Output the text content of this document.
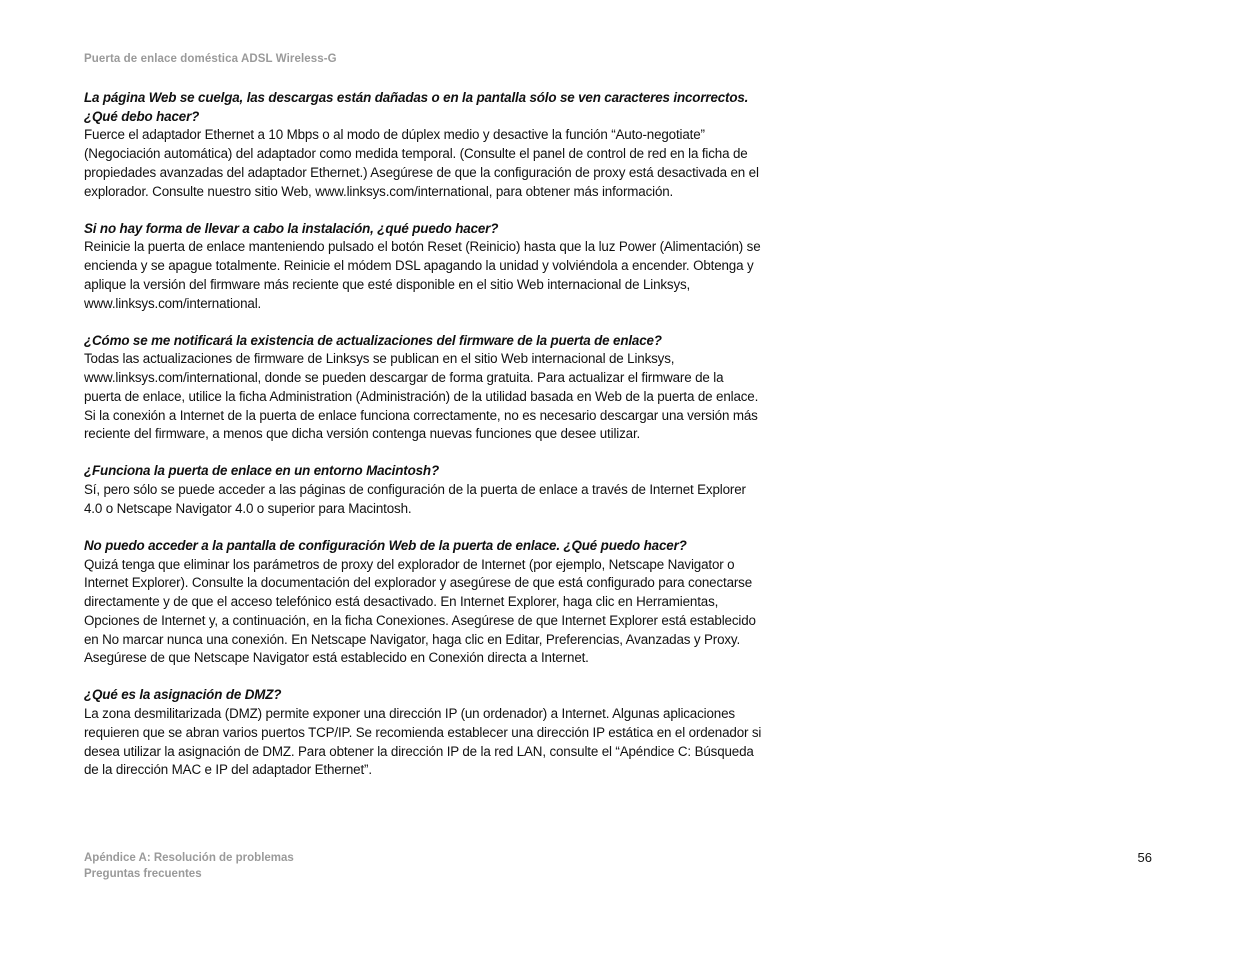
Puerta de enlace doméstica ADSL Wireless-G

La página Web se cuelga, las descargas están dañadas o en la pantalla sólo se ven caracteres incorrectos. ¿Qué debo hacer?

Fuerce el adaptador Ethernet a 10 Mbps o al modo de dúplex medio y desactive la función “Auto-negotiate” (Negociación automática) del adaptador como medida temporal. (Consulte el panel de control de red en la ficha de propiedades avanzadas del adaptador Ethernet.) Asegúrese de que la configuración de proxy está desactivada en el explorador. Consulte nuestro sitio Web, www.linksys.com/international, para obtener más información.

Si no hay forma de llevar a cabo la instalación, ¿qué puedo hacer?

Reinicie la puerta de enlace manteniendo pulsado el botón Reset (Reinicio) hasta que la luz Power (Alimentación) se encienda y se apague totalmente. Reinicie el módem DSL apagando la unidad y volviéndola a encender. Obtenga y aplique la versión del firmware más reciente que esté disponible en el sitio Web internacional de Linksys, www.linksys.com/international.

¿Cómo se me notificará la existencia de actualizaciones del firmware de la puerta de enlace?

Todas las actualizaciones de firmware de Linksys se publican en el sitio Web internacional de Linksys, www.linksys.com/international, donde se pueden descargar de forma gratuita. Para actualizar el firmware de la puerta de enlace, utilice la ficha Administration (Administración) de la utilidad basada en Web de la puerta de enlace. Si la conexión a Internet de la puerta de enlace funciona correctamente, no es necesario descargar una versión más reciente del firmware, a menos que dicha versión contenga nuevas funciones que desee utilizar.

¿Funciona la puerta de enlace en un entorno Macintosh?

Sí, pero sólo se puede acceder a las páginas de configuración de la puerta de enlace a través de Internet Explorer 4.0 o Netscape Navigator 4.0 o superior para Macintosh.

No puedo acceder a la pantalla de configuración Web de la puerta de enlace. ¿Qué puedo hacer?

Quizá tenga que eliminar los parámetros de proxy del explorador de Internet (por ejemplo, Netscape Navigator o Internet Explorer). Consulte la documentación del explorador y asegúrese de que está configurado para conectarse directamente y de que el acceso telefónico está desactivado. En Internet Explorer, haga clic en Herramientas, Opciones de Internet y, a continuación, en la ficha Conexiones. Asegúrese de que Internet Explorer está establecido en No marcar nunca una conexión. En Netscape Navigator, haga clic en Editar, Preferencias, Avanzadas y Proxy. Asegúrese de que Netscape Navigator está establecido en Conexión directa a Internet.

¿Qué es la asignación de DMZ?

La zona desmilitarizada (DMZ) permite exponer una dirección IP (un ordenador) a Internet. Algunas aplicaciones requieren que se abran varios puertos TCP/IP. Se recomienda establecer una dirección IP estática en el ordenador si desea utilizar la asignación de DMZ. Para obtener la dirección IP de la red LAN, consulte el “Apéndice C: Búsqueda de la dirección MAC e IP del adaptador Ethernet”.

Apéndice A: Resolución de problemas
Preguntas frecuentes
56
